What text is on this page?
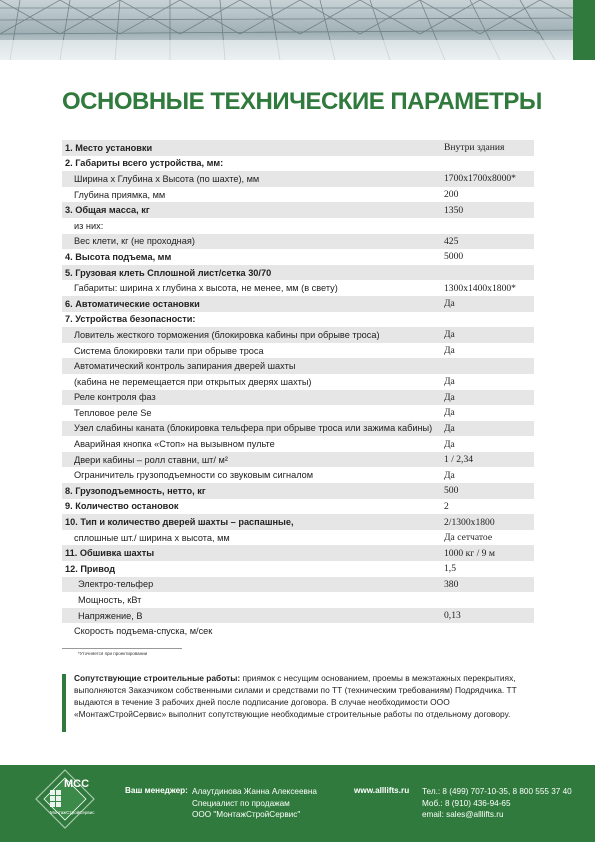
ОСНОВНЫЕ ТЕХНИЧЕСКИЕ ПАРАМЕТРЫ
1. Место установки	Внутри здания
2. Габариты всего устройства, мм:	
Ширина х Глубина х Высота (по шахте), мм	1700x1700x8000*
Глубина приямка, мм	200
3. Общая масса, кг	1350
из них:	
Вес клети, кг (не проходная)	425
4. Высота подъема, мм	5000
5. Грузовая клеть Сплошной лист/сетка 30/70	
Габариты: ширина х глубина х высота, не менее, мм (в свету)	1300x1400x1800*
6. Автоматические остановки	Да
7. Устройства безопасности:	
Ловитель жесткого торможения (блокировка кабины при обрыве троса)	Да
Система блокировки тали при обрыве троса	Да
Автоматический контроль запирания дверей шахты	
(кабина не перемещается при открытых дверях шахты)	Да
Реле контроля фаз	Да
Тепловое реле Se	Да
Узел слабины каната (блокировка тельфера при обрыве троса или зажима кабины)	Да
Аварийная кнопка «Стоп» на вызывном пульте	Да
Двери кабины – ролл ставни, шт/ м²	1 / 2,34
Ограничитель грузоподъемности со звуковым сигналом	Да
8. Грузоподъемность, нетто, кг	500
9. Количество остановок	2
10. Тип и количество дверей шахты – распашные,	2/1300x1800
сплошные шт./ ширина х высота, мм	Да сетчатое
11. Обшивка шахты	1000 кг / 9 м
12. Привод	1,5
Электро-тельфер	380
Мощность, кВт	
Напряжение, В	0,13
Скорость подъема-спуска, м/сек	
*Уточняется при проектировании
Сопутствующие строительные работы: приямок с несущим основанием, проемы в межэтажных перекрытиях, выполняются Заказчиком собственными силами и средствами по ТТ (техническим требованиям) Подрядчика. ТТ выдаются в течение 3 рабочих дней после подписание договора. В случае необходимости ООО «МонтажСтройСервис» выполнит сопутствующие необходимые строительные работы по отдельному договору.
МСС
МонтажСтройСервис
Ваш менеджер: Алаутдинова Жанна Алексеевна
Специалист по продажам
ООО "МонтажСтройСервис"
www.alllifts.ru Тел.: 8 (499) 707-10-35, 8 800 555 37 40
Моб.: 8 (910) 436-94-65
email: sales@alllifts.ru
